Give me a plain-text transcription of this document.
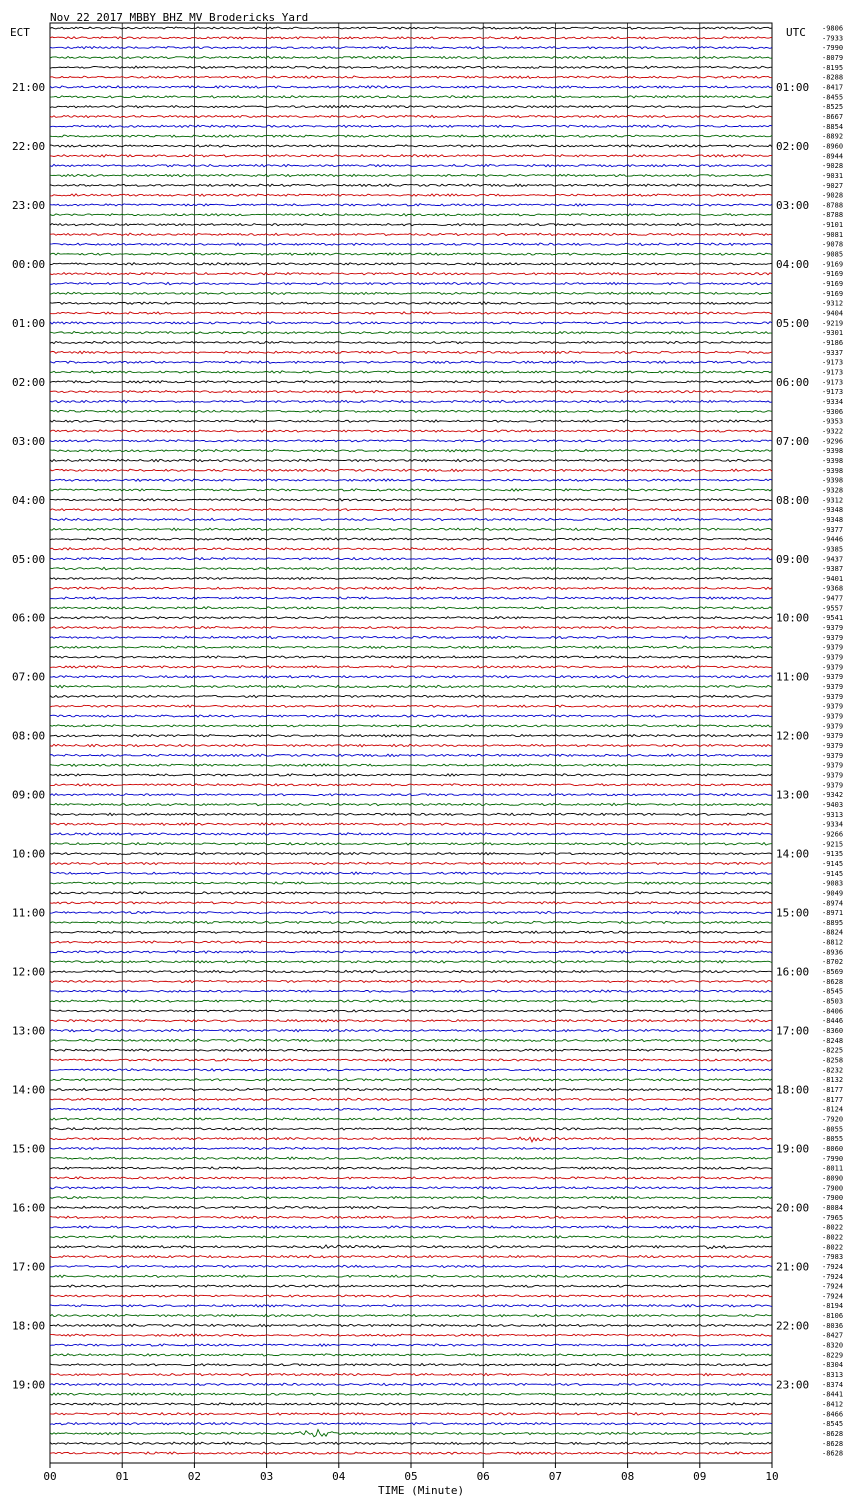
Nov 22 2017 MBBY BHZ MV Brodericks Yard
ECT	UTC
21:00
22:00
23:00
00:00
01:00
02:00
03:00
04:00
05:00
06:00
07:00
08:00
09:00
10:00
11:00
12:00
13:00
14:00
15:00
16:00
17:00
18:00
19:00
01:00
02:00
03:00
04:00
05:00
06:00
07:00
08:00
09:00
10:00
11:00
12:00
13:00
14:00
15:00
16:00
17:00
18:00
19:00
20:00
21:00
22:00
23:00
-9806
-7933
-7990
-8079
-8195
-8288
-8417
-8455
-8525
-8667
-8854
-8892
-8960
-8944
-9028
-9031
-9027
-9028
-8788
-8788
-9101
-9081
-9078
-9085
-9169
-9169
-9169
-9169
-9312
-9404
-9219
-9301
-9186
-9337
-9173
-9173
-9173
-9173
-9334
-9306
-9353
-9322
-9296
-9398
-9398
-9398
-9398
-9328
-9312
-9348
-9348
-9377
-9446
-9385
-9437
-9387
-9401
-9368
-9477
-9557
-9541
-9379
-9379
-9379
-9379
-9379
-9379
-9379
-9379
-9379
-9379
-9379
-9379
-9379
-9379
-9379
-9379
-9379
-9342
-9403
-9313
-9334
-9266
-9215
-9135
-9145
-9145
-9083
-9049
-8974
-8971
-8895
-8824
-8812
-8936
-8702
-8569
-8628
-8545
-8503
-8406
-8446
-8360
-8248
-8225
-8258
-8232
-8132
-8177
-8177
-8124
-7920
-8055
-8055
-8060
-7990
-8011
-8090
-7900
-7900
-8084
-7965
-8022
-8022
-8022
-7983
-7924
-7924
-7924
-7924
-8194
-8106
-8036
-8427
-8320
-8229
-8304
-8313
-8374
-8441
-8412
-8466
-8545
-8628
-8628
-8628
00	01	02	03	04	05	06	07	08	09	10
TIME (Minute)
